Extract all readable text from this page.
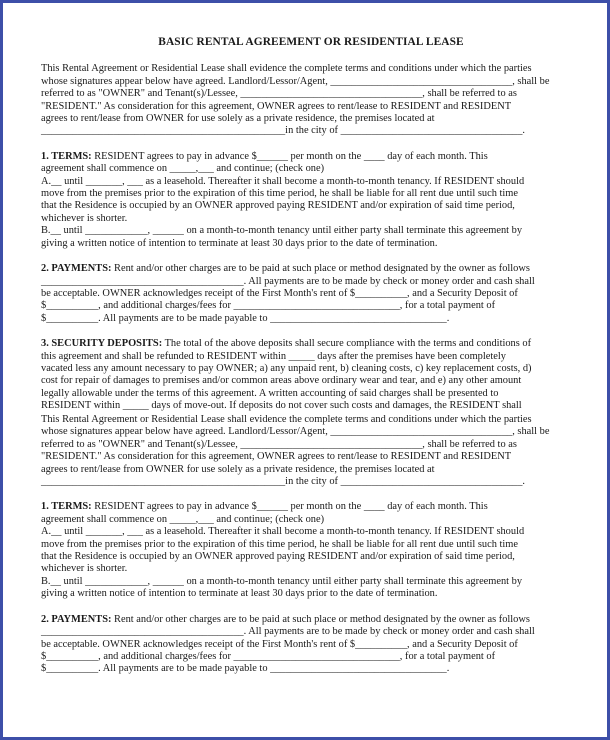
BASIC RENTAL AGREEMENT OR RESIDENTIAL LEASE
This Rental Agreement or Residential Lease shall evidence the complete terms and conditions under which the parties
whose signatures appear below have agreed. Landlord/Lessor/Agent, ___________________________________, shall be
referred to as "OWNER" and Tenant(s)/Lessee, ___________________________________, shall be referred to as
"RESIDENT." As consideration for this agreement, OWNER agrees to rent/lease to RESIDENT and RESIDENT
agrees to rent/lease from OWNER for use solely as a private residence, the premises located at
_______________________________________________in the city of ___________________________________.
1. TERMS: RESIDENT agrees to pay in advance $______ per month on the ____ day of each month. This
agreement shall commence on _____,___ and continue; (check one)
A.__ until _______, ___ as a leasehold. Thereafter it shall become a month-to-month tenancy. If RESIDENT should
move from the premises prior to the expiration of this time period, he shall be liable for all rent due until such time
that the Residence is occupied by an OWNER approved paying RESIDENT and/or expiration of said time period,
whichever is shorter.
B.__ until ____________, ______ on a month-to-month tenancy until either party shall terminate this agreement by
giving a written notice of intention to terminate at least 30 days prior to the date of termination.
2. PAYMENTS: Rent and/or other charges are to be paid at such place or method designated by the owner as follows
_______________________________________. All payments are to be made by check or money order and cash shall
be acceptable. OWNER acknowledges receipt of the First Month's rent of $__________, and a Security Deposit of
$__________, and additional charges/fees for ________________________________, for a total payment of
$__________. All payments are to be made payable to __________________________________.
3. SECURITY DEPOSITS: The total of the above deposits shall secure compliance with the terms and conditions of
this agreement and shall be refunded to RESIDENT within _____ days after the premises have been completely
vacated less any amount necessary to pay OWNER; a) any unpaid rent, b) cleaning costs, c) key replacement costs, d)
cost for repair of damages to premises and/or common areas above ordinary wear and tear, and e) any other amount
legally allowable under the terms of this agreement. A written accounting of said charges shall be presented to
RESIDENT within _____ days of move-out. If deposits do not cover such costs and damages, the RESIDENT shall
This Rental Agreement or Residential Lease shall evidence the complete terms and conditions under which the parties
whose signatures appear below have agreed. Landlord/Lessor/Agent, ___________________________________, shall be
referred to as "OWNER" and Tenant(s)/Lessee, ___________________________________, shall be referred to as
"RESIDENT." As consideration for this agreement, OWNER agrees to rent/lease to RESIDENT and RESIDENT
agrees to rent/lease from OWNER for use solely as a private residence, the premises located at
_______________________________________________in the city of ___________________________________.
1. TERMS: RESIDENT agrees to pay in advance $______ per month on the ____ day of each month. This
agreement shall commence on _____,___ and continue; (check one)
A.__ until _______, ___ as a leasehold. Thereafter it shall become a month-to-month tenancy. If RESIDENT should
move from the premises prior to the expiration of this time period, he shall be liable for all rent due until such time
that the Residence is occupied by an OWNER approved paying RESIDENT and/or expiration of said time period,
whichever is shorter.
B.__ until ____________, ______ on a month-to-month tenancy until either party shall terminate this agreement by
giving a written notice of intention to terminate at least 30 days prior to the date of termination.
2. PAYMENTS: Rent and/or other charges are to be paid at such place or method designated by the owner as follows
_______________________________________. All payments are to be made by check or money order and cash shall
be acceptable. OWNER acknowledges receipt of the First Month's rent of $__________, and a Security Deposit of
$__________, and additional charges/fees for ________________________________, for a total payment of
$__________. All payments are to be made payable to __________________________________.
